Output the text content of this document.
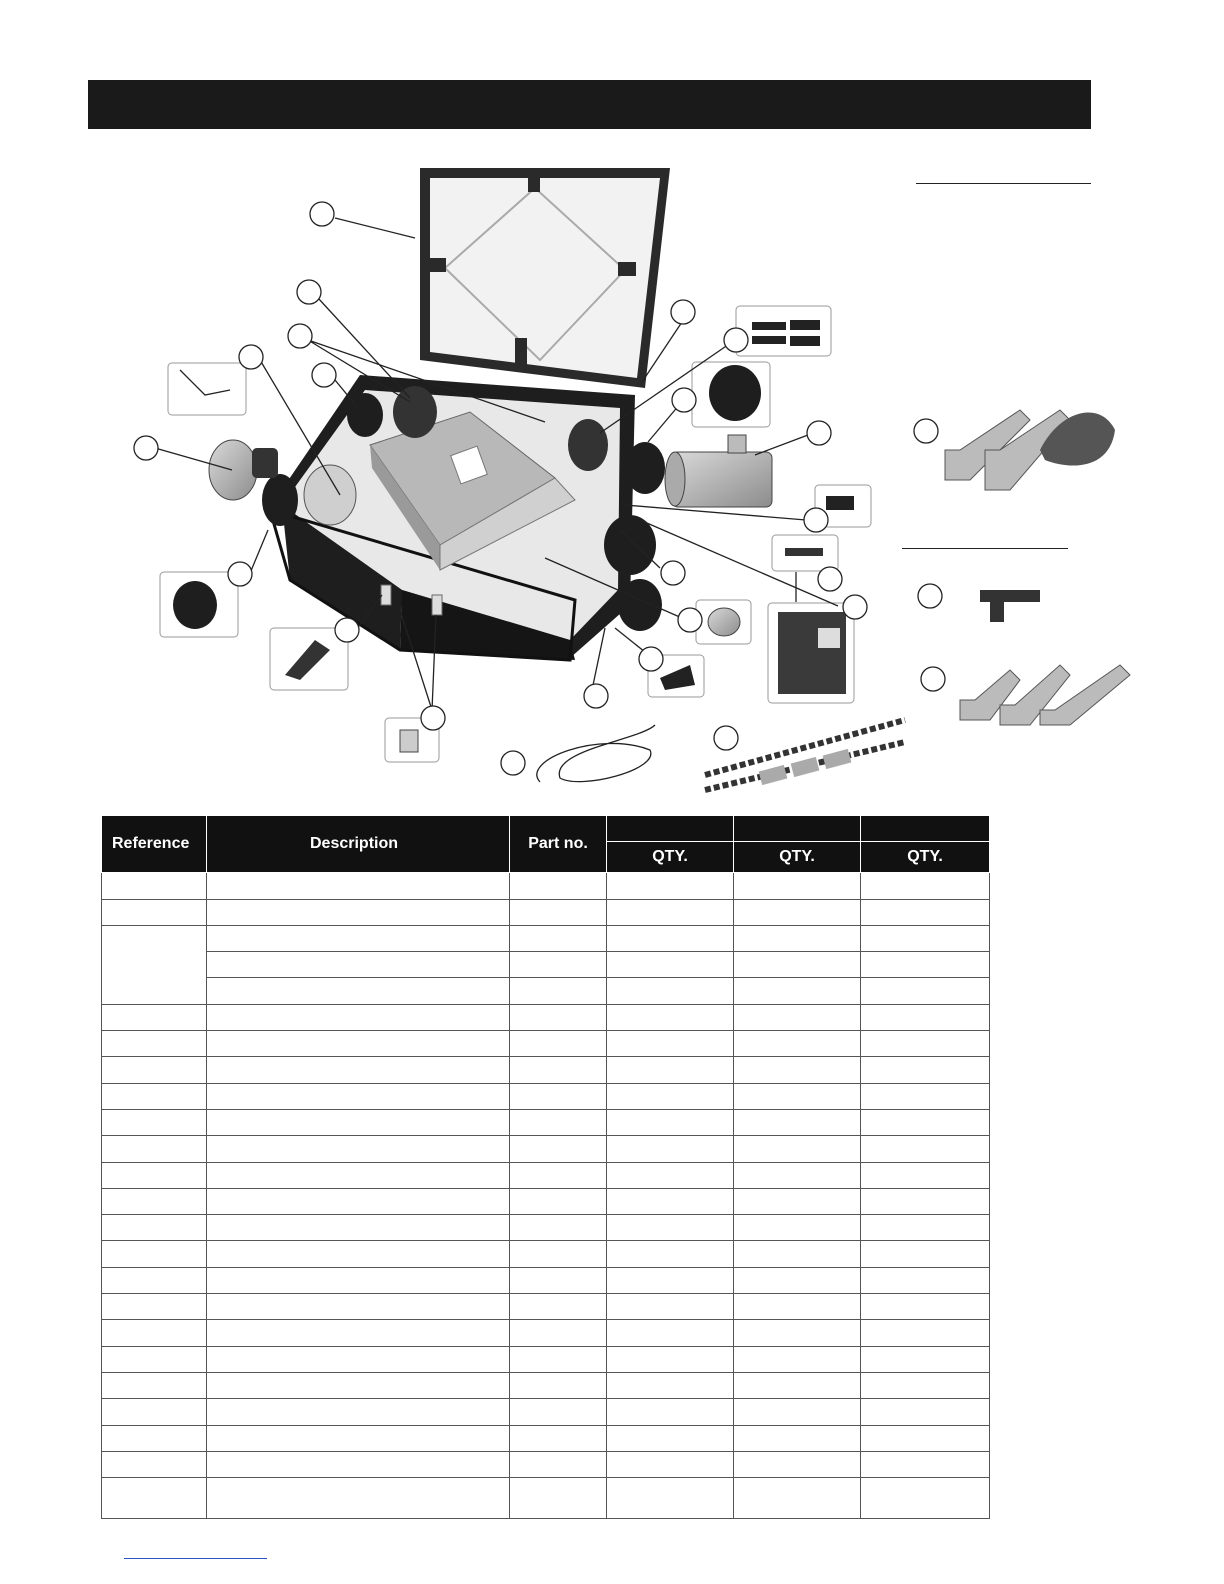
Reference	Description	Part no.			
			QTY.	QTY.	QTY.
